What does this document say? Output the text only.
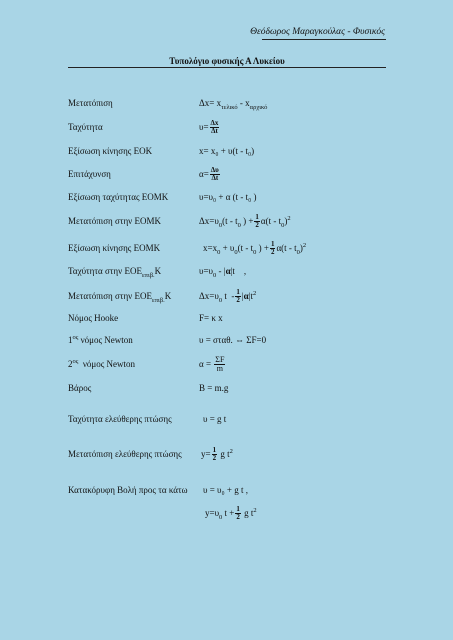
Θεόδωρος Μαραγκούλας - Φυσικός
Τυπολόγιο φυσικής Α Λυκείου
Μετατόπιση	$\Delta x= x_{\tau\varepsilon\lambda\iota\kappa ό} - x_{\alpha\rho\chi\iota\kappa ό}$
Ταχύτητα	$\upsilon= \frac{\Delta x}{\Delta t}$
Εξίσωση κίνησης ΕΟΚ	x= x₀ + υ(t - t₀)
Επιτάχυνση	$\alpha= \frac{\Delta\upsilon}{\Delta t}$
Εξίσωση ταχύτητας ΕΟΜΚ	υ=υ₀ + α (t - t₀ )
Μετατόπιση στην ΕΟΜΚ	$\Delta x=\upsilon_0(t - t_0$ ) + $\frac{1}{2} \alpha(t - t_0)^2$
Εξίσωση κίνησης ΕΟΜΚ	$x=x_0 + \upsilon_0(t - t_0$ ) + $\frac{1}{2} \alpha(t - t_0)^2$
Ταχύτητα στην $EOE_{\varepsilon\pi\iota\beta.}K$	$\upsilon=\upsilon_0 - |\alpha|t$    ,
Μετατόπιση στην $EOE_{\varepsilon\pi\iota\beta.}K$	$\Delta x=\upsilon_0$ t  - $\frac{1}{2} |\alpha|t^2$
Νόμος Hooke	F= κ x
$1^{o\varsigma}$ νόμος Newton	υ = σταθ. ⇔ ΣF=0
$2^{o\varsigma}$ νόμος Newton	$\alpha = \frac{\Sigma F}{m}$
Βάρος	B = m.g
Ταχύτητα ελεύθερης πτώσης	υ = g t
Μετατόπιση ελεύθερης πτώσης $y= \frac{1}{2}$ g $t^2$
Κατακόρυφη Βολή προς τα κάτω υ = υ₀ + g t ,
$y=\upsilon_0$ $t + \frac{1}{2}$ g $t^2$
